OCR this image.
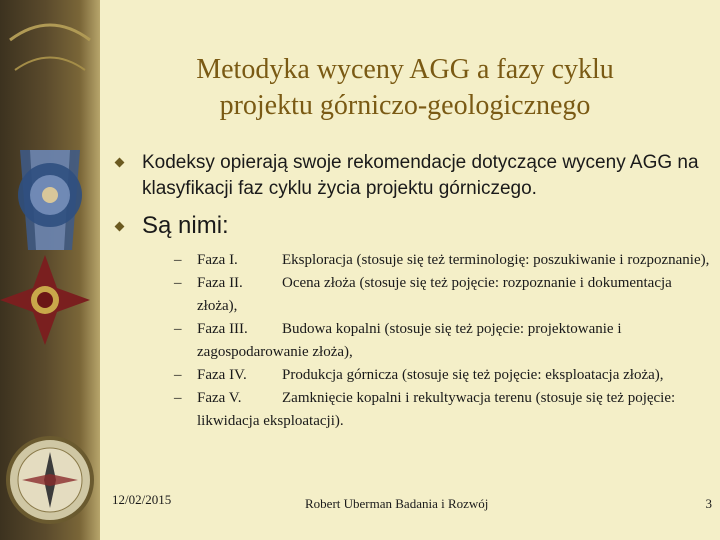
Metodyka wyceny AGG a fazy cyklu
projektu górniczo-geologicznego
Kodeksy opierają swoje rekomendacje dotyczące wyceny AGG na klasyfikacji faz cyklu życia projektu górniczego.
Są nimi:
– Faza I.	Eksploracja (stosuje się też terminologię: poszukiwanie i rozpoznanie),
– Faza II.	Ocena złoża (stosuje się też pojęcie: rozpoznanie i dokumentacja złoża),
– Faza III. Budowa kopalni (stosuje się też pojęcie: projektowanie i zagospodarowanie złoża),
– Faza IV. Produkcja górnicza (stosuje się też pojęcie: eksploatacja złoża),
– Faza V.	Zamknięcie kopalni i rekultywacja terenu (stosuje się też pojęcie: likwidacja eksploatacji).
12/02/2015	Robert Uberman Badania i Rozwój	3
